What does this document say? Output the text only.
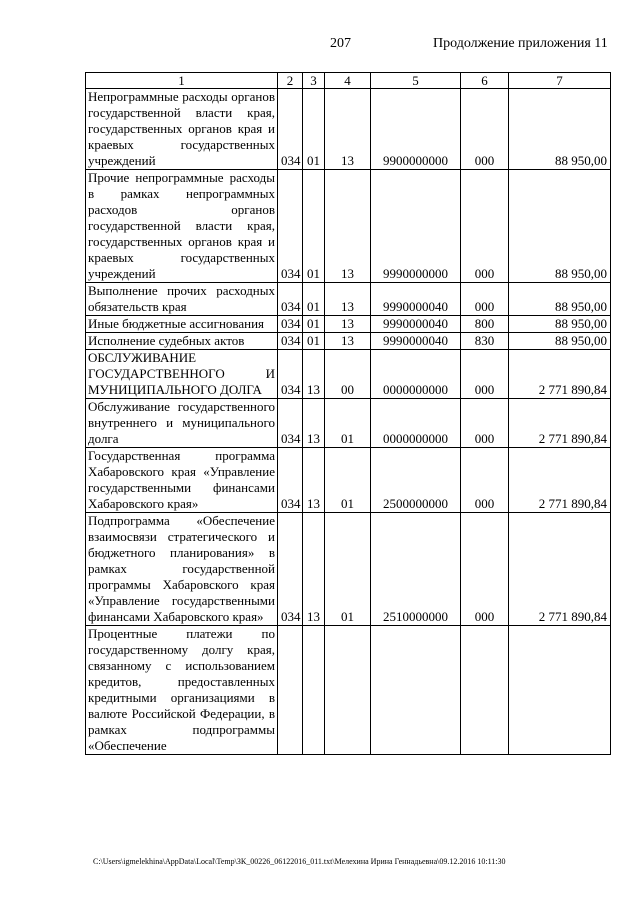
207	Продолжение приложения 11
1	2	3	4	5	6	7
Непрограммные расходы органов государственной власти края, государственных органов края и краевых государственных учреждений	034	01	13	9900000000	000	88 950,00
Прочие непрограммные расходы в рамках непрограммных расходов органов государственной власти края, государственных органов края и краевых государственных учреждений	034	01	13	9990000000	000	88 950,00
Выполнение прочих расходных обязательств края	034	01	13	9990000040	000	88 950,00
Иные бюджетные ассигнования	034	01	13	9990000040	800	88 950,00
Исполнение судебных актов	034	01	13	9990000040	830	88 950,00
ОБСЛУЖИВАНИЕ ГОСУДАРСТВЕННОГО И МУНИЦИПАЛЬНОГО ДОЛГА	034	13	00	0000000000	000	2 771 890,84
Обслуживание государственного внутреннего и муниципального долга	034	13	01	0000000000	000	2 771 890,84
Государственная программа Хабаровского края «Управление государственными финансами Хабаровского края»	034	13	01	2500000000	000	2 771 890,84
Подпрограмма «Обеспечение взаимосвязи стратегического и бюджетного планирования» в рамках государственной программы Хабаровского края «Управление государственными финансами Хабаровского края»	034	13	01	2510000000	000	2 771 890,84
Процентные платежи по государственному долгу края, связанному с использованием кредитов, предоставленных кредитными организациями в валюте Российской Федерации, в рамках подпрограммы «Обеспечение						
C:\Users\igmelekhina\AppData\Local\Temp\ЗК_00226_06122016_011.txt\Мелехина Ирина Геннадьевна\09.12.2016 10:11:30
